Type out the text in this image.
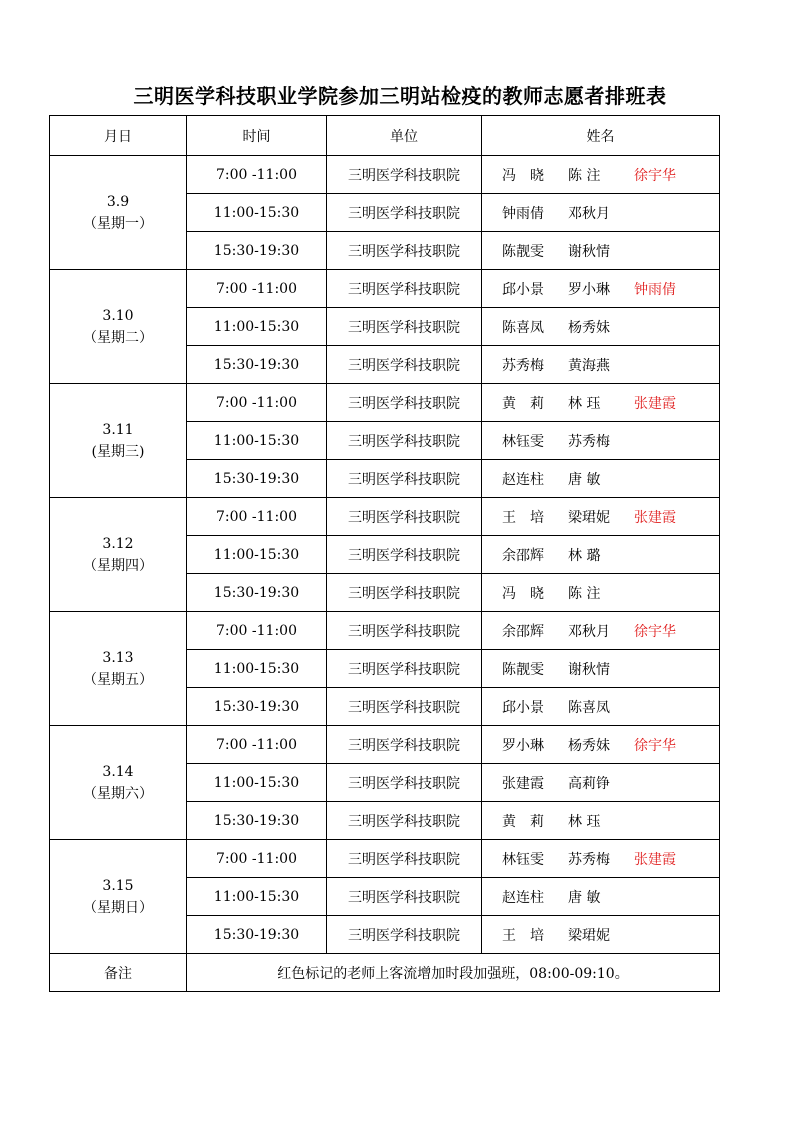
三明医学科技职业学院参加三明站检疫的教师志愿者排班表
月日	时间	单位	姓名

3.9
（星期一）	7:00 -11:00	三明医学科技职院	冯　晓 陈 注 徐宇华
	11:00-15:30	三明医学科技职院	钟雨倩 邓秋月
	15:30-19:30	三明医学科技职院	陈靓雯 谢秋情

3.10
（星期二）	7:00 -11:00	三明医学科技职院	邱小景 罗小琳 钟雨倩
	11:00-15:30	三明医学科技职院	陈喜凤 杨秀妹
	15:30-19:30	三明医学科技职院	苏秀梅 黄海燕

3.11
(星期三)	7:00 -11:00	三明医学科技职院	黄　莉 林 珏 张建霞
	11:00-15:30	三明医学科技职院	林钰雯 苏秀梅
	15:30-19:30	三明医学科技职院	赵连柱 唐 敏

3.12
（星期四）	7:00 -11:00	三明医学科技职院	王　培 梁珺妮 张建霞
	11:00-15:30	三明医学科技职院	余邵辉 林 璐
	15:30-19:30	三明医学科技职院	冯　晓 陈 注

3.13
（星期五）	7:00 -11:00	三明医学科技职院	余邵辉 邓秋月 徐宇华
	11:00-15:30	三明医学科技职院	陈靓雯 谢秋情
	15:30-19:30	三明医学科技职院	邱小景 陈喜凤

3.14
（星期六）	7:00 -11:00	三明医学科技职院	罗小琳 杨秀妹 徐宇华
	11:00-15:30	三明医学科技职院	张建霞 高莉铮
	15:30-19:30	三明医学科技职院	黄　莉 林 珏

3.15
（星期日）	7:00 -11:00	三明医学科技职院	林钰雯 苏秀梅 张建霞
	11:00-15:30	三明医学科技职院	赵连柱 唐 敏
	15:30-19:30	三明医学科技职院	王　培 梁珺妮
备注	红色标记的老师上客流增加时段加强班，08:00-09:10。		
